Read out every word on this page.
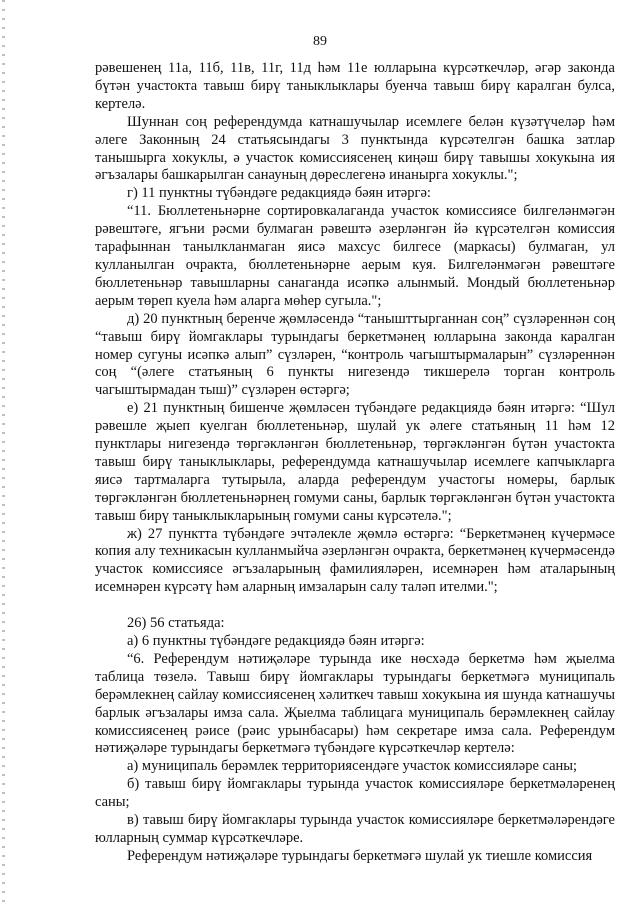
89

рәвешенең 11а, 11б, 11в, 11г, 11д һәм 11е юлларына күрсәткечләр, әгәр законда бүтән участокта тавыш бирү таныклыклары буенча тавыш бирү каралган булса, кертелә.

Шуннан соң референдумда катнашучылар исемлеге белән күзәтүчеләр һәм әлеге Законның 24 статьясындагы 3 пунктында күрсәтелгән башка затлар танышырга хокуклы, ә участок комиссиясенең киңәш бирү тавышы хокукына ия әгъзалары башкарылган санауның дөреслегенә инанырга хокуклы.";

г) 11 пунктны түбәндәге редакциядә бәян итәргә:

“11. Бюллетеньнәрне сортировкалаганда участок комиссиясе билгеләнмәгән рәвештәге, ягъни рәсми булмаган рәвештә әзерләнгән йә күрсәтелгән комиссия тарафыннан танылкланмаган яисә махсус билгесе (маркасы) булмаган, ул кулланылган очракта, бюллетеньнәрне аерым куя. Билгеләнмәгән рәвештәге бюллетеньнәр тавышларны санаганда исәпкә алынмый. Мондый бюллетеньнәр аерым төреп куела һәм аларга мөһер сугыла.";

д) 20 пунктның беренче җөмләсендә “танышттырганнан соң” сүзләреннән соң “тавыш бирү йомгаклары турындагы беркетмәнең юлларына законда каралган номер сугуны исәпкә алып” сүзләрен, “контроль чагыштырмаларын” сүзләреннән соң “(әлеге статьяның 6 пункты нигезендә тикшерелә торган контроль чагыштырмадан тыш)” сүзләрен өстәргә;

е) 21 пунктның бишенче җөмләсен түбәндәге редакциядә бәян итәргә: “Шул рәвешле җыеп куелган бюллетеньнәр, шулай ук әлеге статьяның 11 һәм 12 пунктлары нигезендә төргәкләнгән бюллетеньнәр, төргәкләнгән бүтән участокта тавыш бирү таныклыклары, референдумда катнашучылар исемлеге капчыкларга яисә тартмаларга тутырыла, аларда референдум участогы номеры, барлык төргәкләнгән бюллетеньнәрнең гомуми саны, барлык төргәкләнгән бүтән участокта тавыш бирү таныклыкларының гомуми саны күрсәтелә.";

ж) 27 пунктта түбәндәге эчтәлекле җөмлә өстәргә: “Беркетмәнең күчермәсе копия алу техникасын кулланмыйча әзерләнгән очракта, беркетмәнең күчермәсендә участок комиссиясе әгъзаларының фамилияләрен, исемнәрен һәм аталарының исемнәрен күрсәтү һәм аларның имзаларын салу таләп ителми.";

26) 56 статьяда:

а) 6 пунктны түбәндәге редакциядә бәян итәргә:

“6. Референдум нәтиҗәләре турында ике нөсхәдә беркетмә һәм җыелма таблица төзелә. Тавыш бирү йомгаклары турындагы беркетмәгә муниципаль берәмлекнең сайлау комиссиясенең хәлиткеч тавыш хокукына ия шунда катнашучы барлык әгъзалары имза сала. Җыелма таблицага муниципаль берәмлекнең сайлау комиссиясенең рәисе (рәис урынбасары) һәм секретаре имза сала. Референдум нәтиҗәләре турындагы беркетмәгә түбәндәге күрсәткечләр кертелә:

а) муниципаль берәмлек территориясендәге участок комиссияләре саны;

б) тавыш бирү йомгаклары турында участок комиссияләре беркетмәләренең саны;

в) тавыш бирү йомгаклары турында участок комиссияләре беркетмәләрендәге юлларның суммар күрсәткечләре.

Референдум нәтиҗәләре турындагы беркетмәгә шулай ук тиешле комиссия
